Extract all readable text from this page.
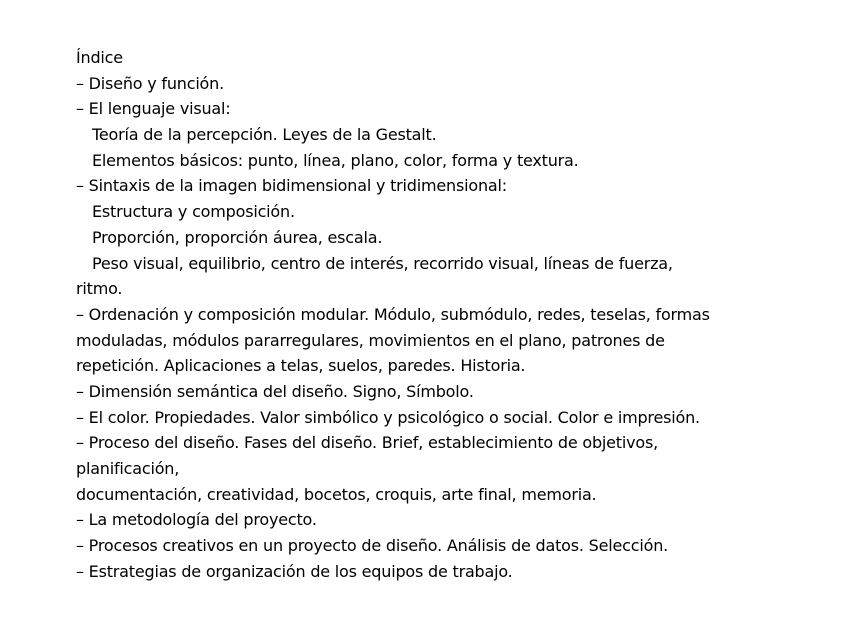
Índice
– Diseño y función.
– El lenguaje visual:
Teoría de la percepción. Leyes de la Gestalt.
Elementos básicos: punto, línea, plano, color, forma y textura.
– Sintaxis de la imagen bidimensional y tridimensional:
Estructura y composición.
Proporción, proporción áurea, escala.
Peso visual, equilibrio, centro de interés, recorrido visual, líneas de fuerza,
ritmo.
– Ordenación y composición modular. Módulo, submódulo, redes, teselas, formas
moduladas, módulos pararregulares, movimientos en el plano, patrones de
repetición. Aplicaciones a telas, suelos, paredes. Historia.
– Dimensión semántica del diseño. Signo, Símbolo.
– El color. Propiedades. Valor simbólico y psicológico o social. Color e impresión.
– Proceso del diseño. Fases del diseño. Brief, establecimiento de objetivos,
planificación,
documentación, creatividad, bocetos, croquis, arte final, memoria.
– La metodología del proyecto.
– Procesos creativos en un proyecto de diseño. Análisis de datos. Selección.
– Estrategias de organización de los equipos de trabajo.
